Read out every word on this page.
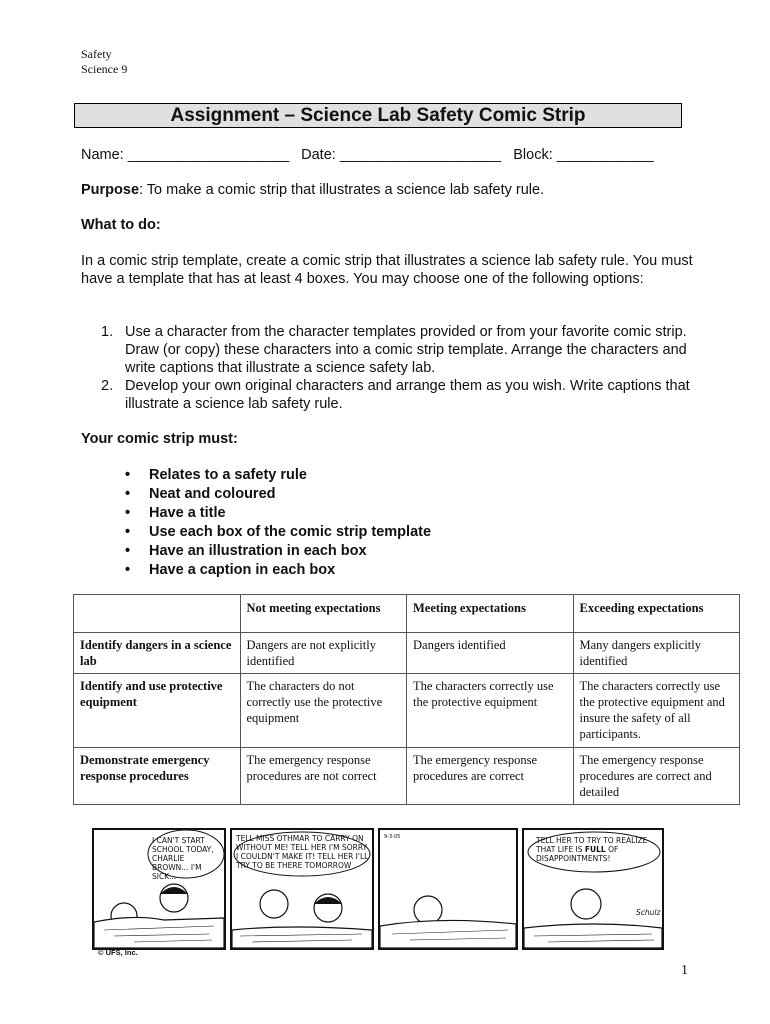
Safety
Science 9
Assignment – Science Lab Safety Comic Strip
Name: ____________________ Date: ____________________ Block: ____________
Purpose: To make a comic strip that illustrates a science lab safety rule.
What to do:
In a comic strip template, create a comic strip that illustrates a science lab safety rule. You must have a template that has at least 4 boxes. You may choose one of the following options:
1. Use a character from the character templates provided or from your favorite comic strip. Draw (or copy) these characters into a comic strip template. Arrange the characters and write captions that illustrate a science safety lab.
2. Develop your own original characters and arrange them as you wish. Write captions that illustrate a science lab safety rule.
Your comic strip must:
• Relates to a safety rule
• Neat and coloured
• Have a title
• Use each box of the comic strip template
• Have an illustration in each box
• Have a caption in each box
	Not meeting expectations	Meeting expectations	Exceeding expectations
Identify dangers in a science lab	Dangers are not explicitly identified	Dangers identified	Many dangers explicitly identified
Identify and use protective equipment	The characters do not correctly use the protective equipment	The characters correctly use the protective equipment	The characters correctly use the protective equipment and insure the safety of all participants.
Demonstrate emergency response procedures	The emergency response procedures are not correct	The emergency response procedures are correct	The emergency response procedures are correct and detailed
I CAN'T START SCHOOL TODAY, CHARLIE BROWN... I'M SICK...
TELL MISS OTHMAR TO CARRY ON WITHOUT ME! TELL HER I'M SORRY I COULDN'T MAKE IT! TELL HER I'LL TRY TO BE THERE TOMORROW
9-3-05	TELL HER TO TRY TO REALIZE THAT LIFE IS FULL OF DISAPPOINTMENTS!
Schulz
© UFS, Inc.
1
